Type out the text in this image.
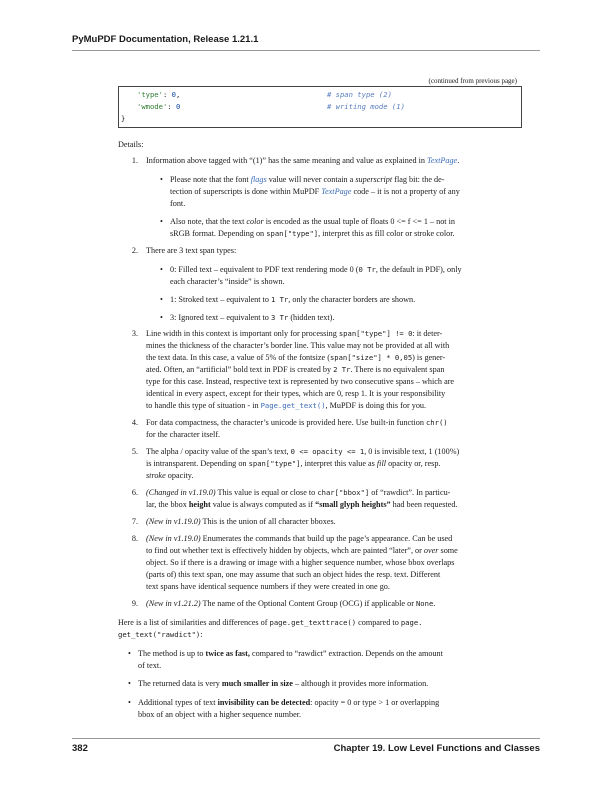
PyMuPDF Documentation, Release 1.21.1
(continued from previous page)
'type': 0,	# span type (2)
'wmode': 0	# writing mode (1)
}
Details:
1. Information above tagged with “(1)” has the same meaning and value as explained in TextPage.
• Please note that the font flags value will never contain a superscript flag bit: the de-
tection of superscripts is done within MuPDF TextPage code – it is not a property of any
font.
• Also note, that the text color is encoded as the usual tuple of floats 0 <= f <= 1 – not in
sRGB format. Depending on span["type"], interpret this as fill color or stroke color.
2. There are 3 text span types:
• 0: Filled text – equivalent to PDF text rendering mode 0 (0 Tr, the default in PDF), only
each character’s “inside” is shown.
• 1: Stroked text – equivalent to 1 Tr, only the character borders are shown.
• 3: Ignored text – equivalent to 3 Tr (hidden text).
3. Line width in this context is important only for processing span["type"] != 0: it deter-
mines the thickness of the character’s border line. This value may not be provided at all with
the text data. In this case, a value of 5% of the fontsize (span["size"] * 0,05) is gener-
ated. Often, an “artificial” bold text in PDF is created by 2 Tr. There is no equivalent span
type for this case. Instead, respective text is represented by two consecutive spans – which are
identical in every aspect, except for their types, which are 0, resp 1. It is your responsibility
to handle this type of situation - in Page.get_text(), MuPDF is doing this for you.
4. For data compactness, the character’s unicode is provided here. Use built-in function chr()
for the character itself.
5. The alpha / opacity value of the span’s text, 0 <= opacity <= 1, 0 is invisible text, 1 (100%)
is intransparent. Depending on span["type"], interpret this value as fill opacity or, resp.
stroke opacity.
6. (Changed in v1.19.0) This value is equal or close to char["bbox"] of “rawdict”. In particu-
lar, the bbox height value is always computed as if “small glyph heights” had been requested.
7. (New in v1.19.0) This is the union of all character bboxes.
8. (New in v1.19.0) Enumerates the commands that build up the page’s appearance. Can be used
to find out whether text is effectively hidden by objects, whch are painted “later”, or over some
object. So if there is a drawing or image with a higher sequence number, whose bbox overlaps
(parts of) this text span, one may assume that such an object hides the resp. text. Different
text spans have identical sequence numbers if they were created in one go.
9. (New in v1.21.2) The name of the Optional Content Group (OCG) if applicable or None.
Here is a list of similarities and differences of page.get_texttrace() compared to page.
get_text("rawdict"):
• The method is up to twice as fast, compared to “rawdict” extraction. Depends on the amount
of text.
• The returned data is very much smaller in size – although it provides more information.
• Additional types of text invisibility can be detected: opacity = 0 or type > 1 or overlapping
bbox of an object with a higher sequence number.
382	Chapter 19. Low Level Functions and Classes
